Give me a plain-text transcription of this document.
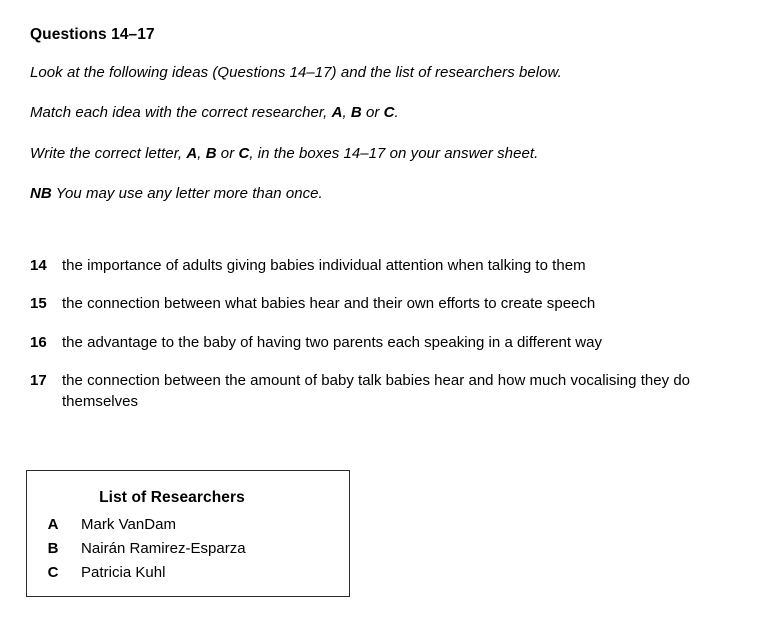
Questions 14–17
Look at the following ideas (Questions 14–17) and the list of researchers below.
Match each idea with the correct researcher, A, B or C.
Write the correct letter, A, B or C, in the boxes 14–17 on your answer sheet.
NB You may use any letter more than once.
14 the importance of adults giving babies individual attention when talking to them
15 the connection between what babies hear and their own efforts to create speech
16 the advantage to the baby of having two parents each speaking in a different way
17 the connection between the amount of baby talk babies hear and how much vocalising they do themselves
List of Researchers
A Mark VanDam
B Nairán Ramirez-Esparza
C Patricia Kuhl
